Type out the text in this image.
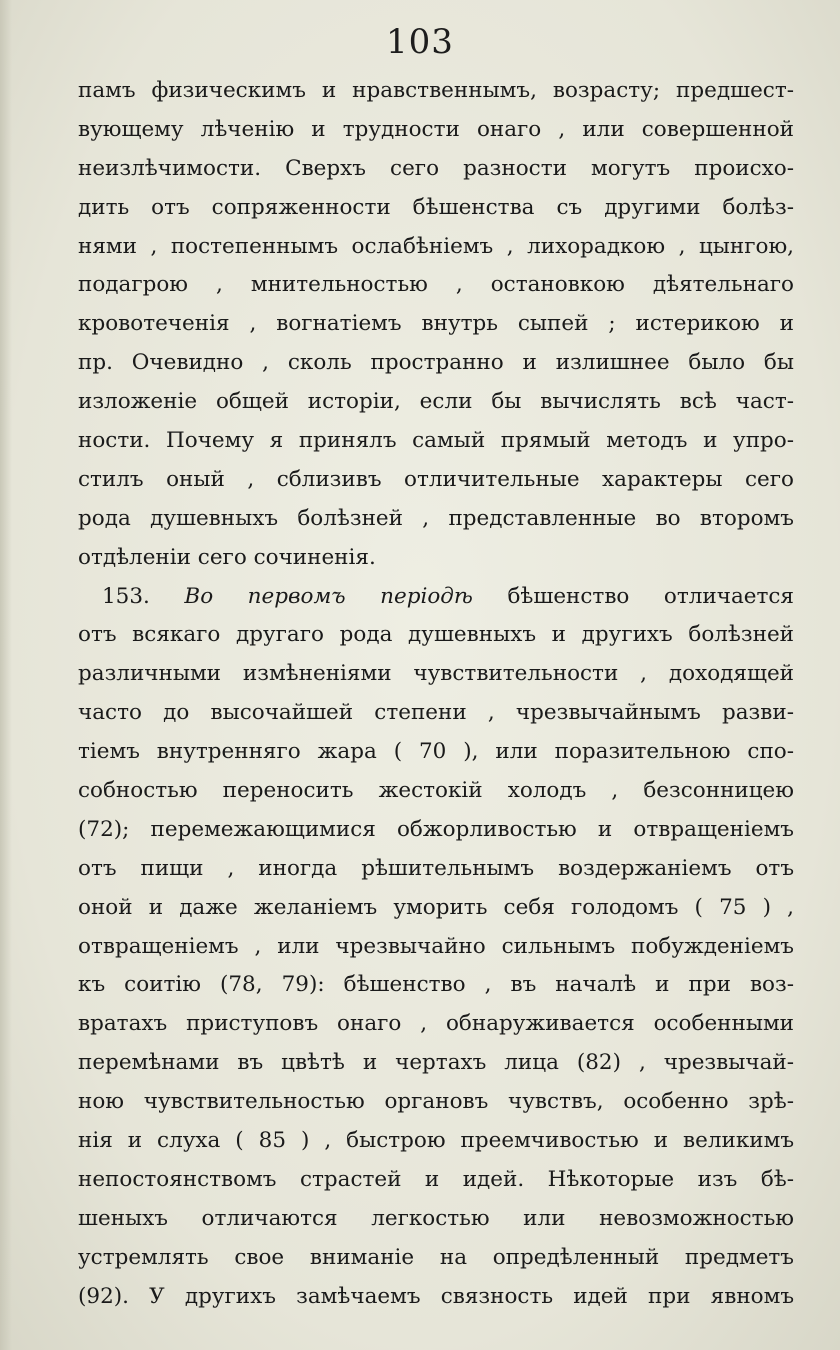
103
памъ физическимъ и нравственнымъ, возрасту; предшест-
вующему лѣченію и трудности онаго , или совершенной
неизлѣчимости. Сверхъ сего разности могутъ происхо-
дить отъ сопряженности бѣшенства съ другими болѣз-
нями , постепеннымъ ослабѣніемъ , лихорадкою , цынгою,
подагрою , мнительностью , остановкою дѣятельнаго
кровотеченія , вогнатіемъ внутрь сыпей ; истерикою и
пр. Очевидно , сколь пространно и излишнее было бы
изложеніе общей исторіи, если бы вычислять всѣ част-
ности. Почему я принялъ самый прямый методъ и упро-
стилъ оный , сблизивъ отличительные характеры сего
рода душевныхъ болѣзней , представленные во второмъ
отдѣленіи сего сочиненія.
153. Во первомъ періодѣ бѣшенство отличается
отъ всякаго другаго рода душевныхъ и другихъ болѣзней
различными измѣненіями чувствительности , доходящей
часто до высочайшей степени , чрезвычайнымъ разви-
тіемъ внутренняго жара ( 70 ), или поразительною спо-
собностью переносить жестокій холодъ , безсонницею
(72); перемежающимися обжорливостью и отвращеніемъ
отъ пищи , иногда рѣшительнымъ воздержаніемъ отъ
оной и даже желаніемъ уморить себя голодомъ ( 75 ) ,
отвращеніемъ , или чрезвычайно сильнымъ побужденіемъ
къ соитію (78, 79): бѣшенство , въ началѣ и при воз-
вратахъ приступовъ онаго , обнаруживается особенными
перемѣнами въ цвѣтѣ и чертахъ лица (82) , чрезвычай-
ною чувствительностью органовъ чувствъ, особенно зрѣ-
нія и слуха ( 85 ) , быстрою преемчивостью и великимъ
непостоянствомъ страстей и идей. Нѣкоторые изъ бѣ-
шеныхъ отличаются легкостью или невозможностью
устремлять свое вниманіе на опредѣленный предметъ
(92). У другихъ замѣчаемъ связность идей при явномъ
